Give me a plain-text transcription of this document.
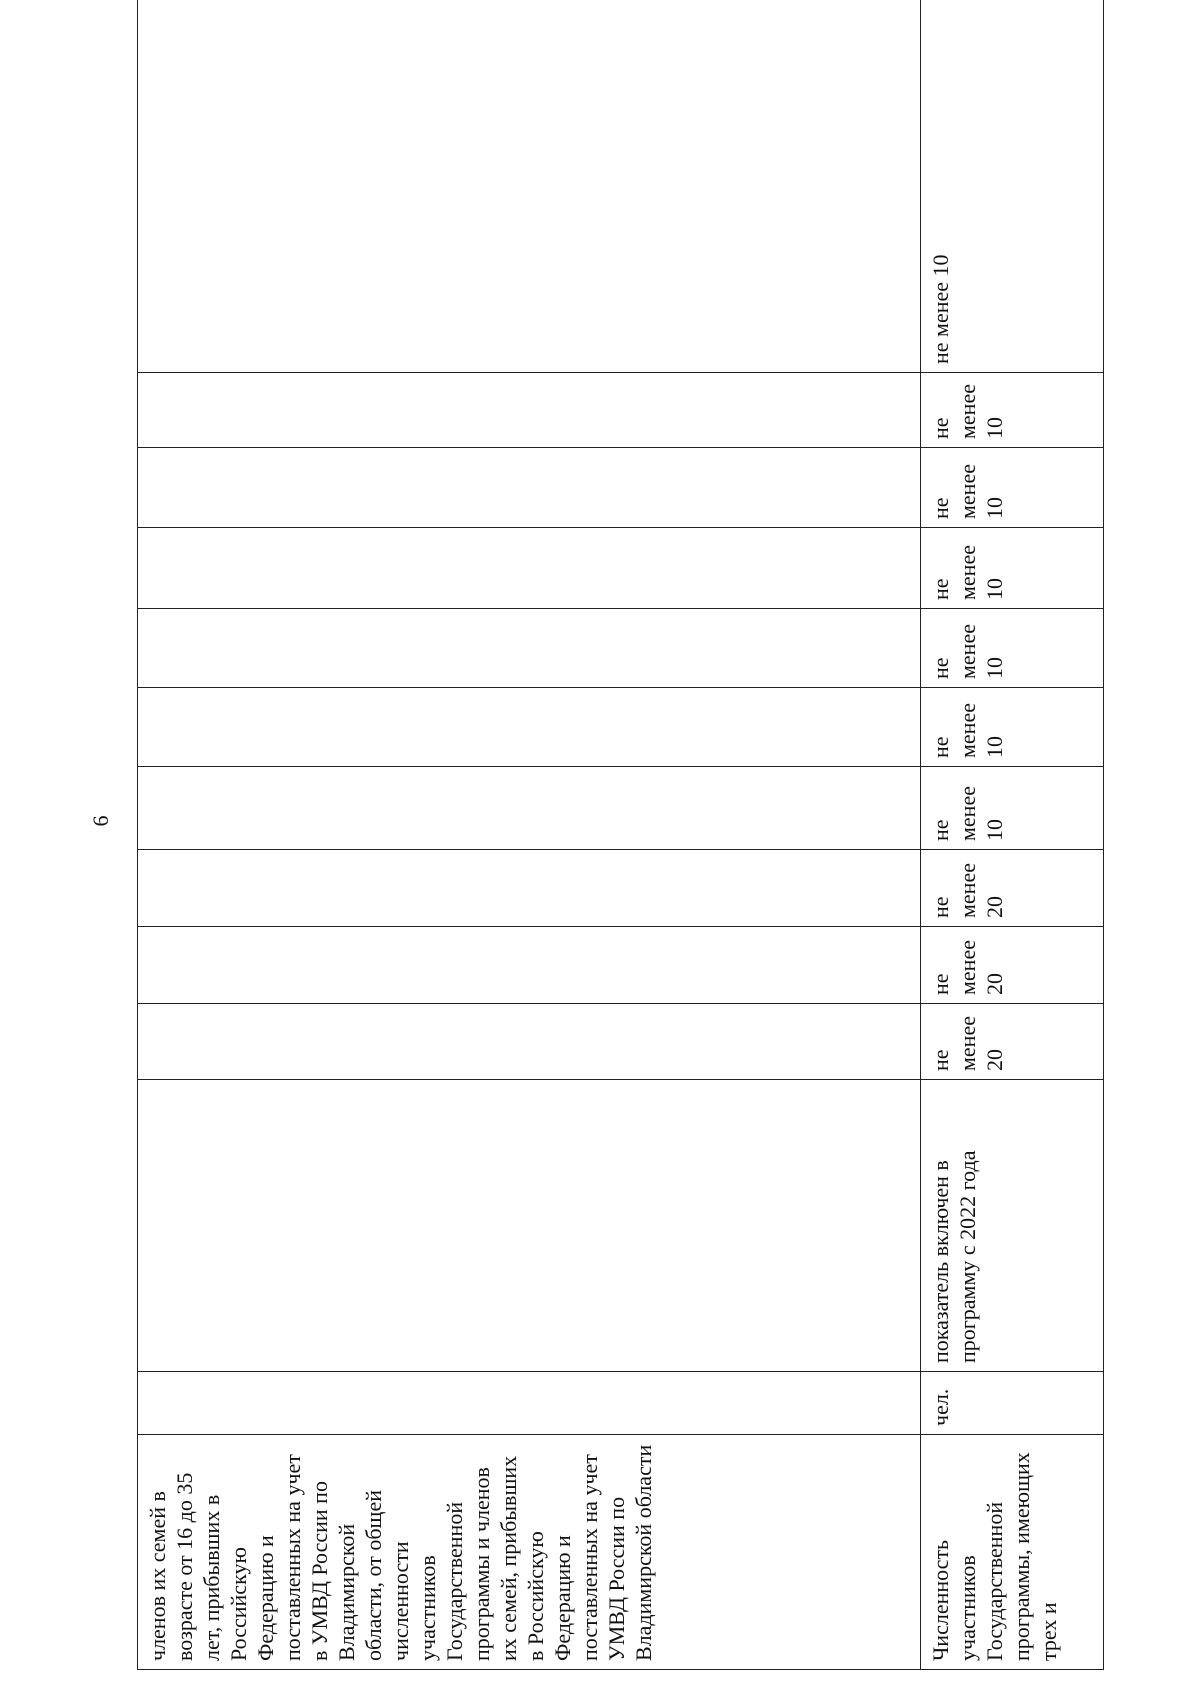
6
членов их семей в возрасте от 16 до 35 лет, прибывших в Российскую Федерацию и поставленных на учет в УМВД России по Владимирской области, от общей численности участников Государственной программы и членов их семей, прибывших в Российскую Федерацию и поставленных на учет УМВД России по Владимирской области												

Численность участников Государственной программы, имеющих трех и	чел.	показатель включен в программу с 2022 года	не менее 20	не менее 20	не менее 20	не менее 10	не менее 10	не менее 10	не менее 10	не менее 10	не менее 10	не менее 10
